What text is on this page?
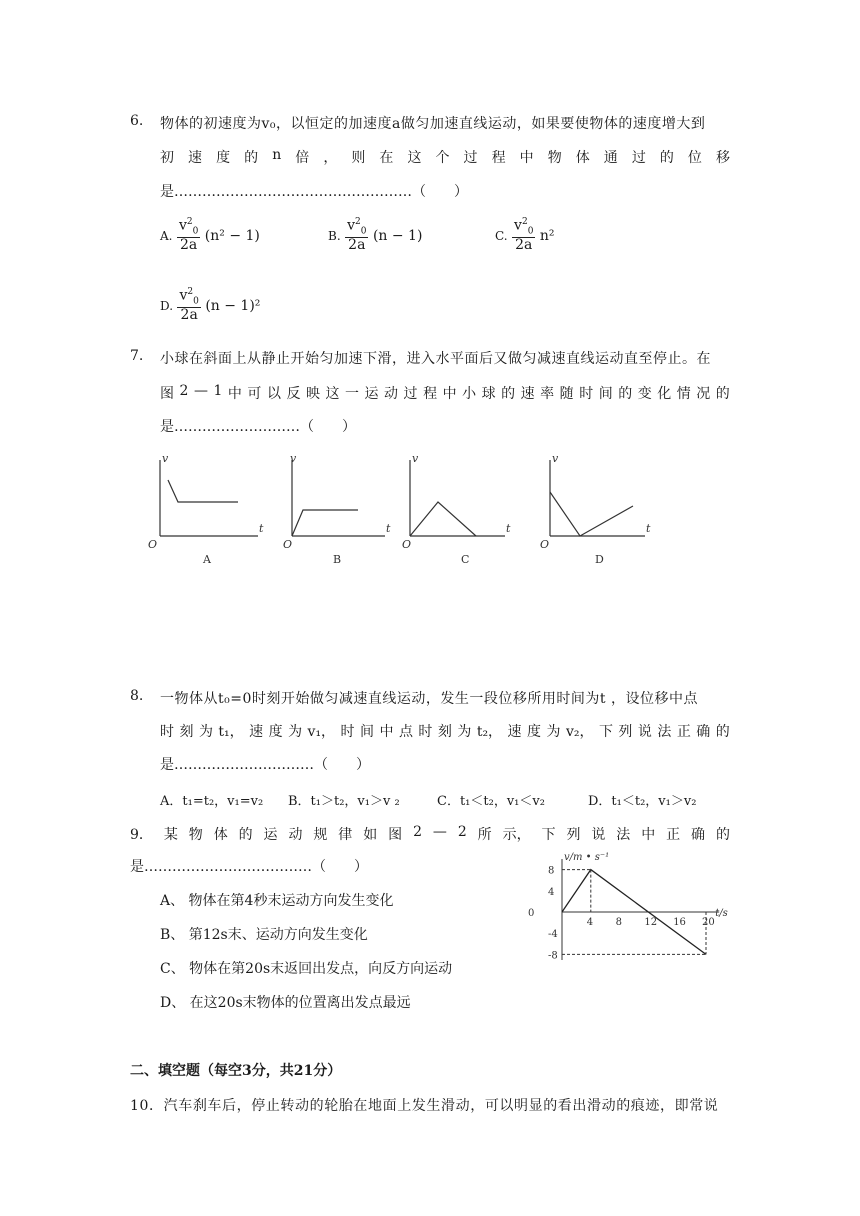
6. 物体的初速度为v₀，以恒定的加速度a做匀加速直线运动，如果要使物体的速度增大到
初 速 度 的 n 倍 ， 则 在 这 个 过 程 中 物 体 通 过 的 位 移
是……………………………………………（　　）
A. $\frac{v^2_0}{2a} (n^2 - 1)$	B. $\frac{v^2_0}{2a} (n - 1)$	C. $\frac{v^2_0}{2a} n^2$
D. $\frac{v^2_0}{2a} (n - 1)^2$
7. 小球在斜面上从静止开始匀加速下滑，进入水平面后又做匀减速直线运动直至停止。在
图 2 — 1 中 可 以 反 映 这 一 运 动 过 程 中 小 球 的 速 率 随 时 间 的 变 化 情 况 的
是………………………（　　）
v
t
O
v
t
O
v
t
O
v
t
O
A	B	C	D
8. 一物体从t₀=0时刻开始做匀减速直线运动，发生一段位移所用时间为t ，设位移中点
时 刻 为 t₁， 速 度 为 v₁， 时 间 中 点 时 刻 为 t₂， 速 度 为 v₂， 下 列 说 法 正 确 的
是…………………………（　　）
A．t₁=t₂，v₁=v₂ B．t₁＞t₂，v₁＞v ₂	C．t₁＜t₂，v₁＜v₂	D．t₁＜t₂，v₁＞v₂
9． 某 物 体 的 运 动 规 律 如 图 2 — 2 所 示， 下 列 说 法 中 正 确 的
是………………………………（　　）
A、 物体在第4秒末运动方向发生变化
B、 第12s末、运动方向发生变化
C、 物体在第20s末返回出发点，向反方向运动
D、 在这20s末物体的位置离出发点最远
v/m • s⁻¹
t/s
0
8
4
-4
-8
4 8 12 16 20
二、填空题（每空3分，共21分）
10．汽车刹车后，停止转动的轮胎在地面上发生滑动，可以明显的看出滑动的痕迹，即常说
